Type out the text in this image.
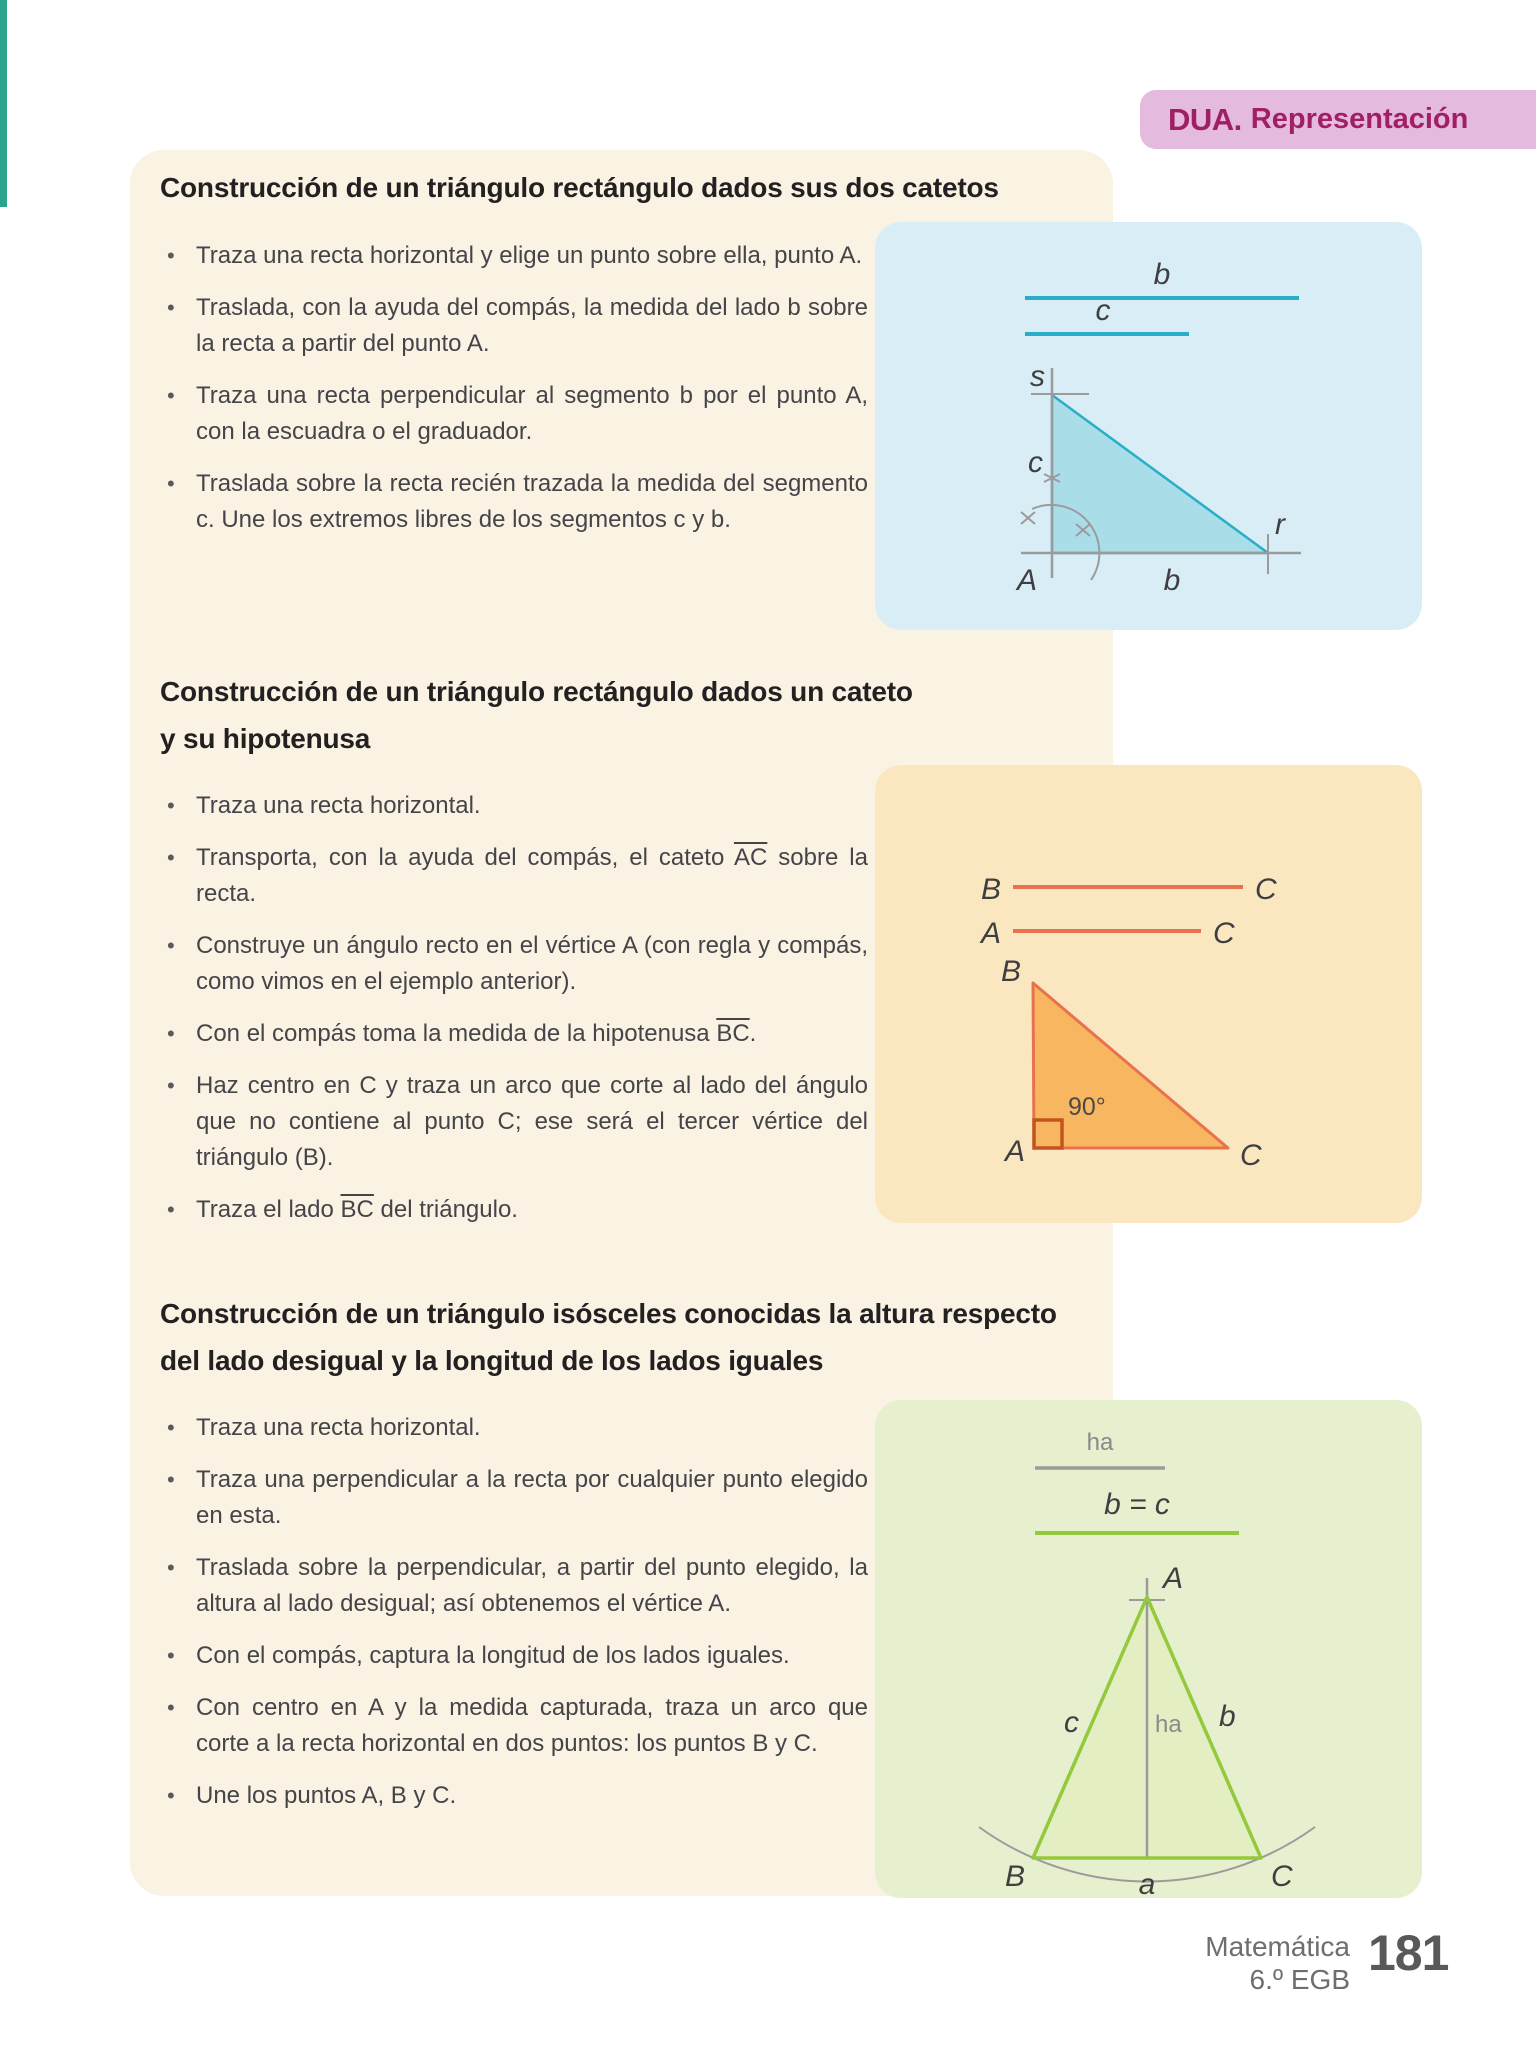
DUA. Representación
Construcción de un triángulo rectángulo dados sus dos catetos

• Traza una recta horizontal y elige un punto sobre ella, punto A.

• Traslada, con la ayuda del compás, la medida del lado b sobre la recta a partir del punto A.

• Traza una recta perpendicular al segmento b por el punto A, con la escuadra o el graduador.

• Traslada sobre la recta recién trazada la medida del segmento c. Une los extremos libres de los segmentos c y b.

Construcción de un triángulo rectángulo dados un cateto
y su hipotenusa

• Traza una recta horizontal.

• Transporta, con la ayuda del compás, el cateto $\overline{AC}$ sobre la recta.

• Construye un ángulo recto en el vértice A (con regla y compás, como vimos en el ejemplo anterior).

• Con el compás toma la medida de la hipotenusa $\overline{BC}$.

• Haz centro en C y traza un arco que corte al lado del ángulo que no contiene al punto C; ese será el tercer vértice del triángulo (B).

• Traza el lado $\overline{BC}$ del triángulo.

Construcción de un triángulo isósceles conocidas la altura respecto
del lado desigual y la longitud de los lados iguales

• Traza una recta horizontal.

• Traza una perpendicular a la recta por cualquier punto elegido en esta.

• Traslada sobre la perpendicular, a partir del punto elegido, la altura al lado desigual; así obtenemos el vértice A.

• Con el compás, captura la longitud de los lados iguales.

• Con centro en A y la medida capturada, traza un arco que corte a la recta horizontal en dos puntos: los puntos B y C.

• Une los puntos A, B y C.

b
c
s
c
A	b
r
B	C
A	C
90°
B
A	C
ha
b = c
A
ha
c	b
B	C
a
Matemática
6.º EGB 181
